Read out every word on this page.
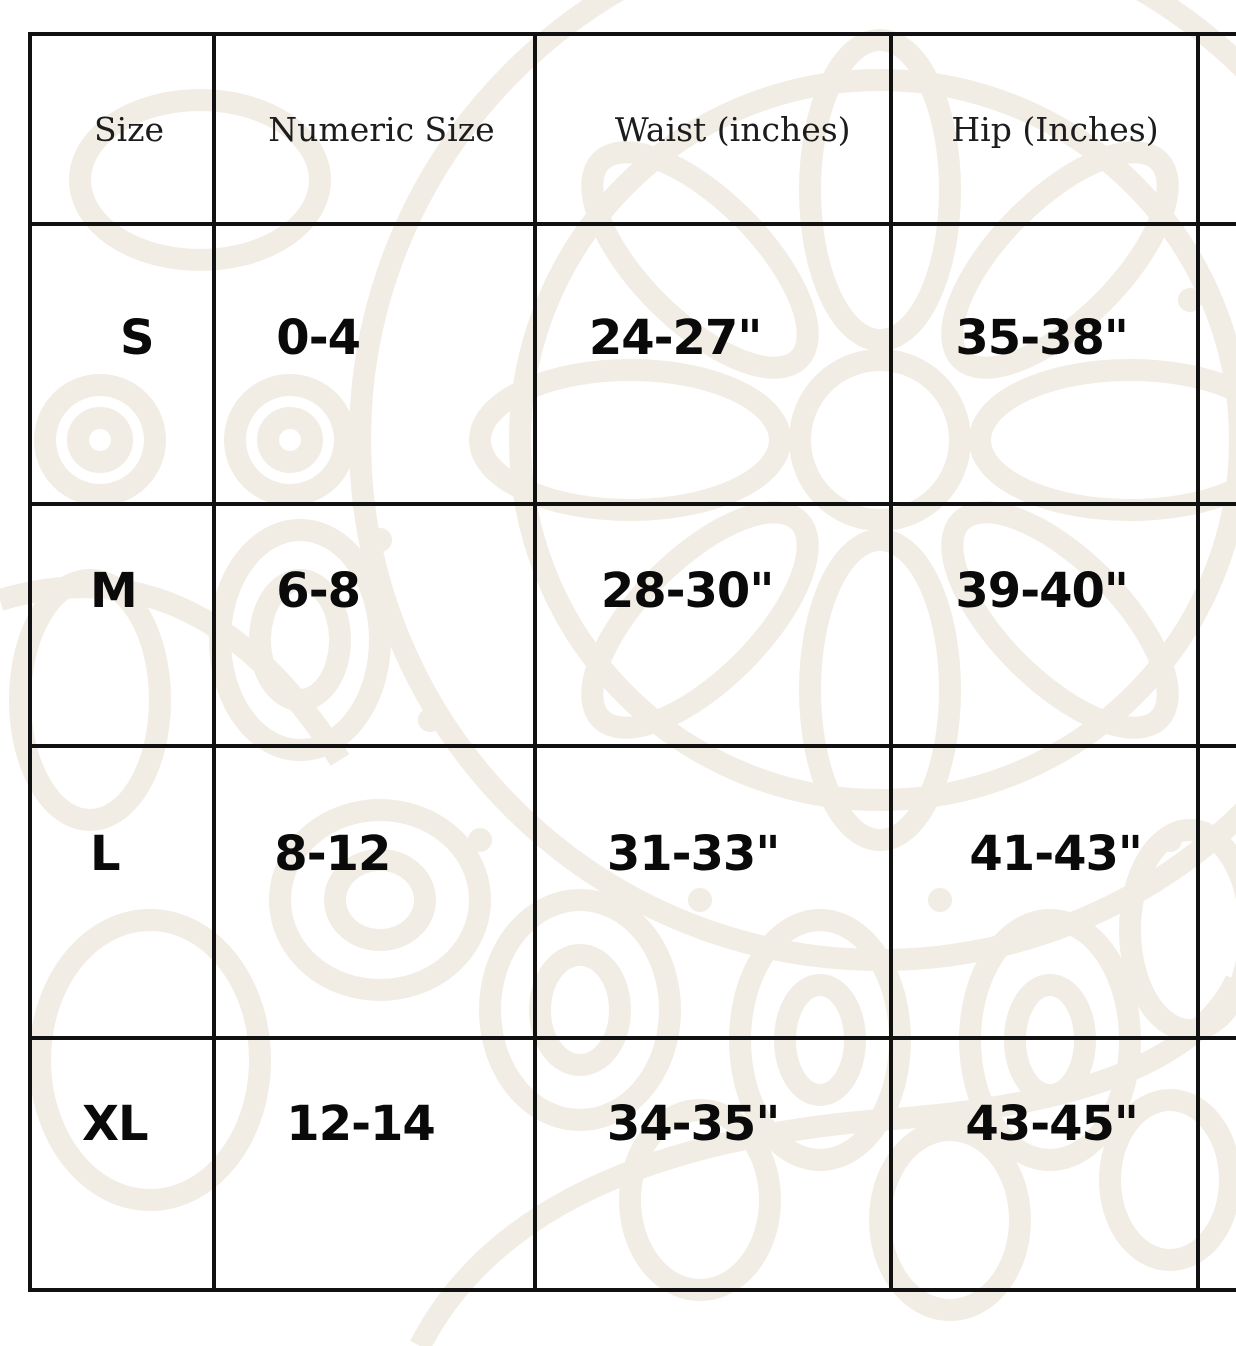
Size	Numeric Size	Waist (inches)	Hip (Inches)	

S	0-4	24-27"	35-38"	

M	6-8	28-30"	39-40"	

L	8-12	31-33"	41-43"	

XL	12-14	34-35"	43-45"	
